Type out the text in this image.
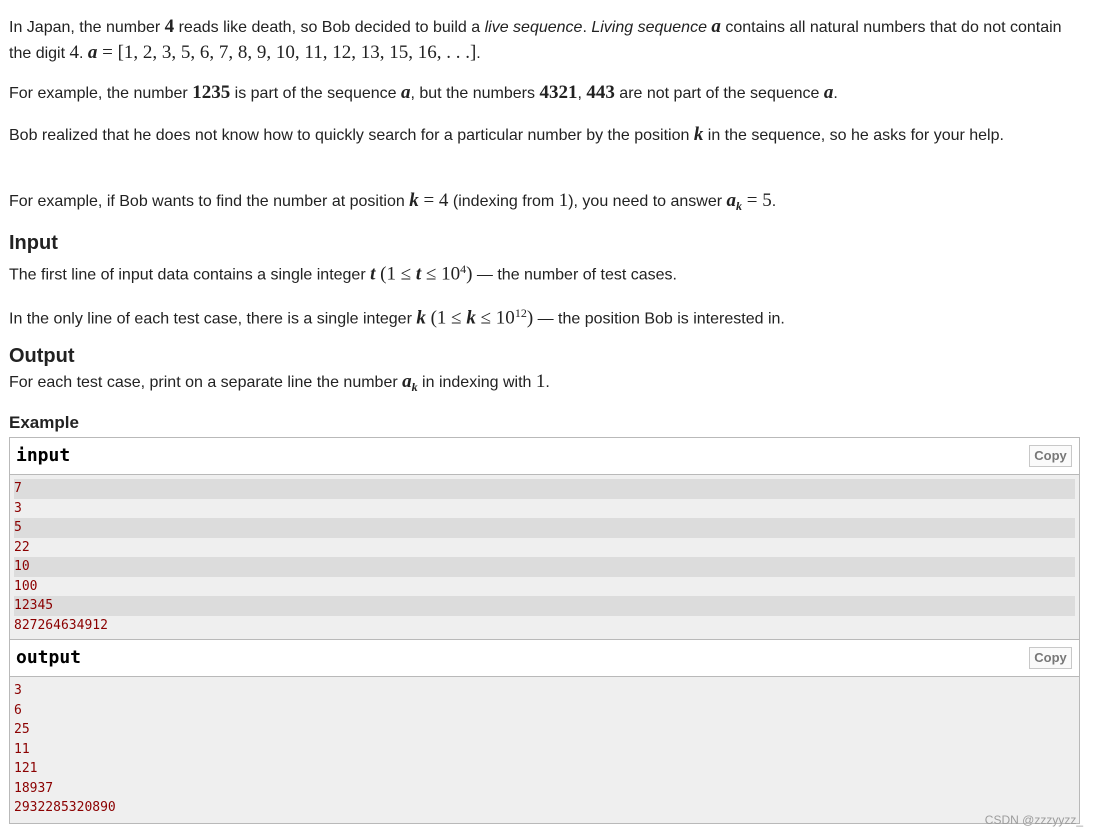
In Japan, the number 4 reads like death, so Bob decided to build a live sequence. Living sequence a contains all natural numbers that do not contain the digit 4. a = [1, 2, 3, 5, 6, 7, 8, 9, 10, 11, 12, 13, 15, 16, . . .].
For example, the number 1235 is part of the sequence a, but the numbers 4321, 443 are not part of the sequence a.
Bob realized that he does not know how to quickly search for a particular number by the position k in the sequence, so he asks for your help.
For example, if Bob wants to find the number at position k = 4 (indexing from 1), you need to answer $a_k = 5$.
Input
The first line of input data contains a single integer t $(1 \le t \le 10^4)$ — the number of test cases.
In the only line of each test case, there is a single integer k $(1 \le k \le 10^{12})$ — the position Bob is interested in.
Output
For each test case, print on a separate line the number $a_k$ in indexing with 1.
Example
input	Copy
7
3
5
22
10
100
12345
827264634912
output	Copy
3
6
25
11
121
18937
2932285320890
CSDN @zzzyyzz_
